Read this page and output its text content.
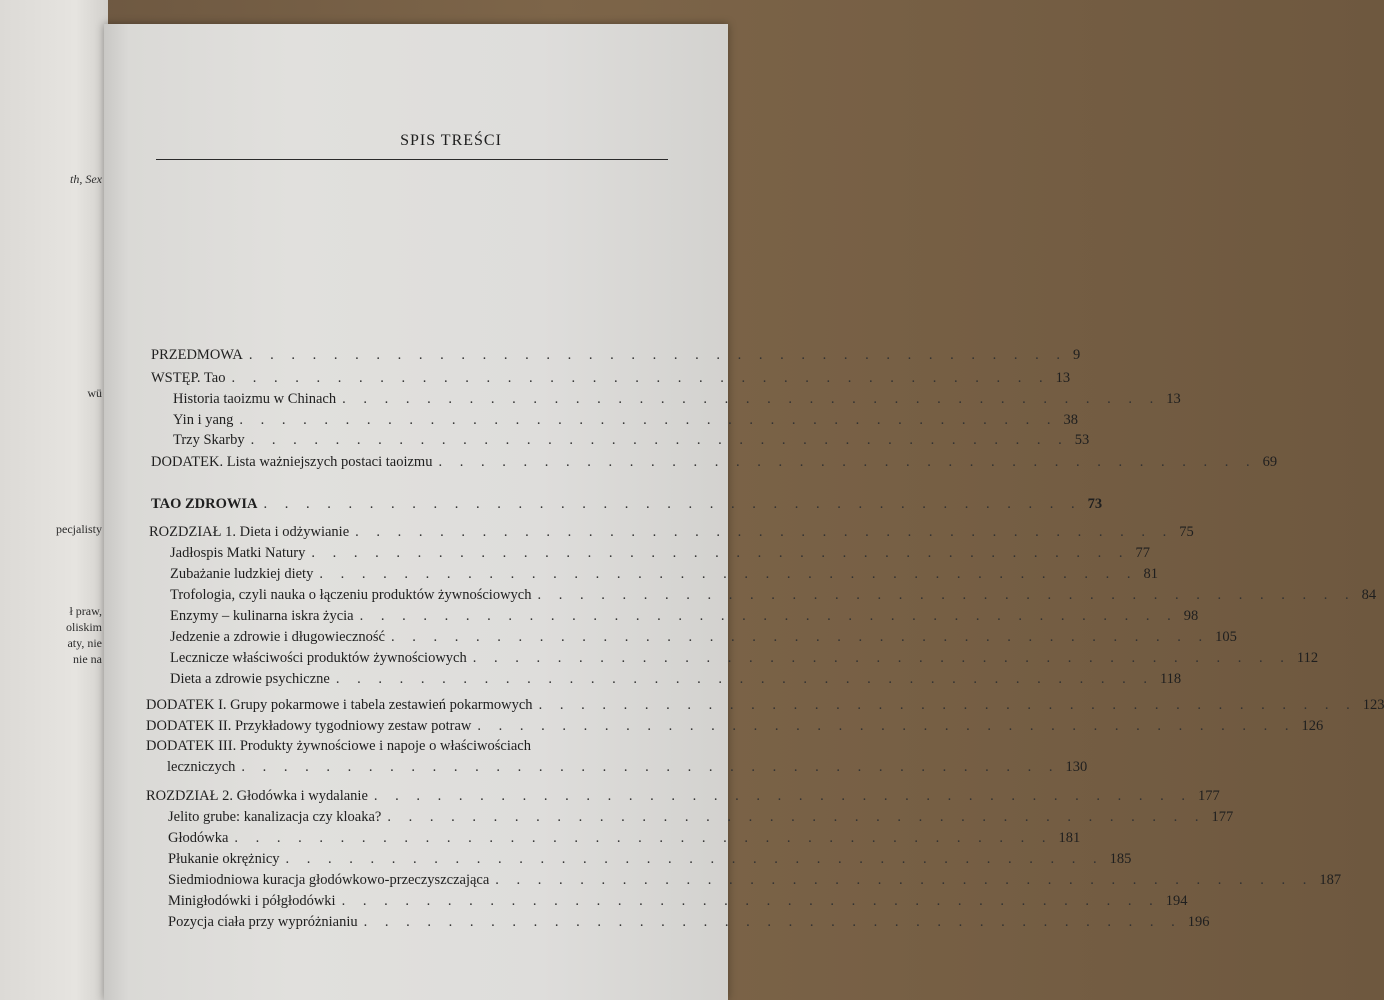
th, Sex
wü
pecjalisty
ł praw,
oliskim
aty, nie
nie na
SPIS TREŚCI
PRZEDMOWA . . . . . . . . . . . . . . . . . . . . . . . . . . . . . . . . . . . . . . . 9
WSTĘP. Tao . . . . . . . . . . . . . . . . . . . . . . . . . . . . . . . . . . . . . . . 13
Historia taoizmu w Chinach . . . . . . . . . . . . . . . . . . . . . . . . . . . . . . . . . . . . . . . 13
Yin i yang . . . . . . . . . . . . . . . . . . . . . . . . . . . . . . . . . . . . . . . 38
Trzy Skarby . . . . . . . . . . . . . . . . . . . . . . . . . . . . . . . . . . . . . . . 53
DODATEK. Lista ważniejszych postaci taoizmu . . . . . . . . . . . . . . . . . . . . . . . . . . . . . . . . . . . . . . . 69
TAO ZDROWIA . . . . . . . . . . . . . . . . . . . . . . . . . . . . . . . . . . . . . . . 73
ROZDZIAŁ 1. Dieta i odżywianie . . . . . . . . . . . . . . . . . . . . . . . . . . . . . . . . . . . . . . . 75
Jadłospis Matki Natury . . . . . . . . . . . . . . . . . . . . . . . . . . . . . . . . . . . . . . . 77
Zubażanie ludzkiej diety . . . . . . . . . . . . . . . . . . . . . . . . . . . . . . . . . . . . . . . 81
Trofologia, czyli nauka o łączeniu produktów żywnościowych . . . . . . . . . . . . . . . . . . . . . . . . . . . . . . . . . . . . . . . 84
Enzymy – kulinarna iskra życia . . . . . . . . . . . . . . . . . . . . . . . . . . . . . . . . . . . . . . . 98
Jedzenie a zdrowie i długowieczność . . . . . . . . . . . . . . . . . . . . . . . . . . . . . . . . . . . . . . . 105
Lecznicze właściwości produktów żywnościowych . . . . . . . . . . . . . . . . . . . . . . . . . . . . . . . . . . . . . . . 112
Dieta a zdrowie psychiczne . . . . . . . . . . . . . . . . . . . . . . . . . . . . . . . . . . . . . . . 118
DODATEK I. Grupy pokarmowe i tabela zestawień pokarmowych . . . . . . . . . . . . . . . . . . . . . . . . . . . . . . . . . . . . . . . 123
DODATEK II. Przykładowy tygodniowy zestaw potraw . . . . . . . . . . . . . . . . . . . . . . . . . . . . . . . . . . . . . . . 126
DODATEK III. Produkty żywnościowe i napoje o właściwościach
leczniczych . . . . . . . . . . . . . . . . . . . . . . . . . . . . . . . . . . . . . . . 130
ROZDZIAŁ 2. Głodówka i wydalanie . . . . . . . . . . . . . . . . . . . . . . . . . . . . . . . . . . . . . . . 177
Jelito grube: kanalizacja czy kloaka? . . . . . . . . . . . . . . . . . . . . . . . . . . . . . . . . . . . . . . . 177
Głodówka . . . . . . . . . . . . . . . . . . . . . . . . . . . . . . . . . . . . . . . 181
Płukanie okrężnicy . . . . . . . . . . . . . . . . . . . . . . . . . . . . . . . . . . . . . . . 185
Siedmiodniowa kuracja głodówkowo-przeczyszczająca . . . . . . . . . . . . . . . . . . . . . . . . . . . . . . . . . . . . . . . 187
Minigłodówki i półgłodówki . . . . . . . . . . . . . . . . . . . . . . . . . . . . . . . . . . . . . . . 194
Pozycja ciała przy wypróżnianiu . . . . . . . . . . . . . . . . . . . . . . . . . . . . . . . . . . . . . . . 196
